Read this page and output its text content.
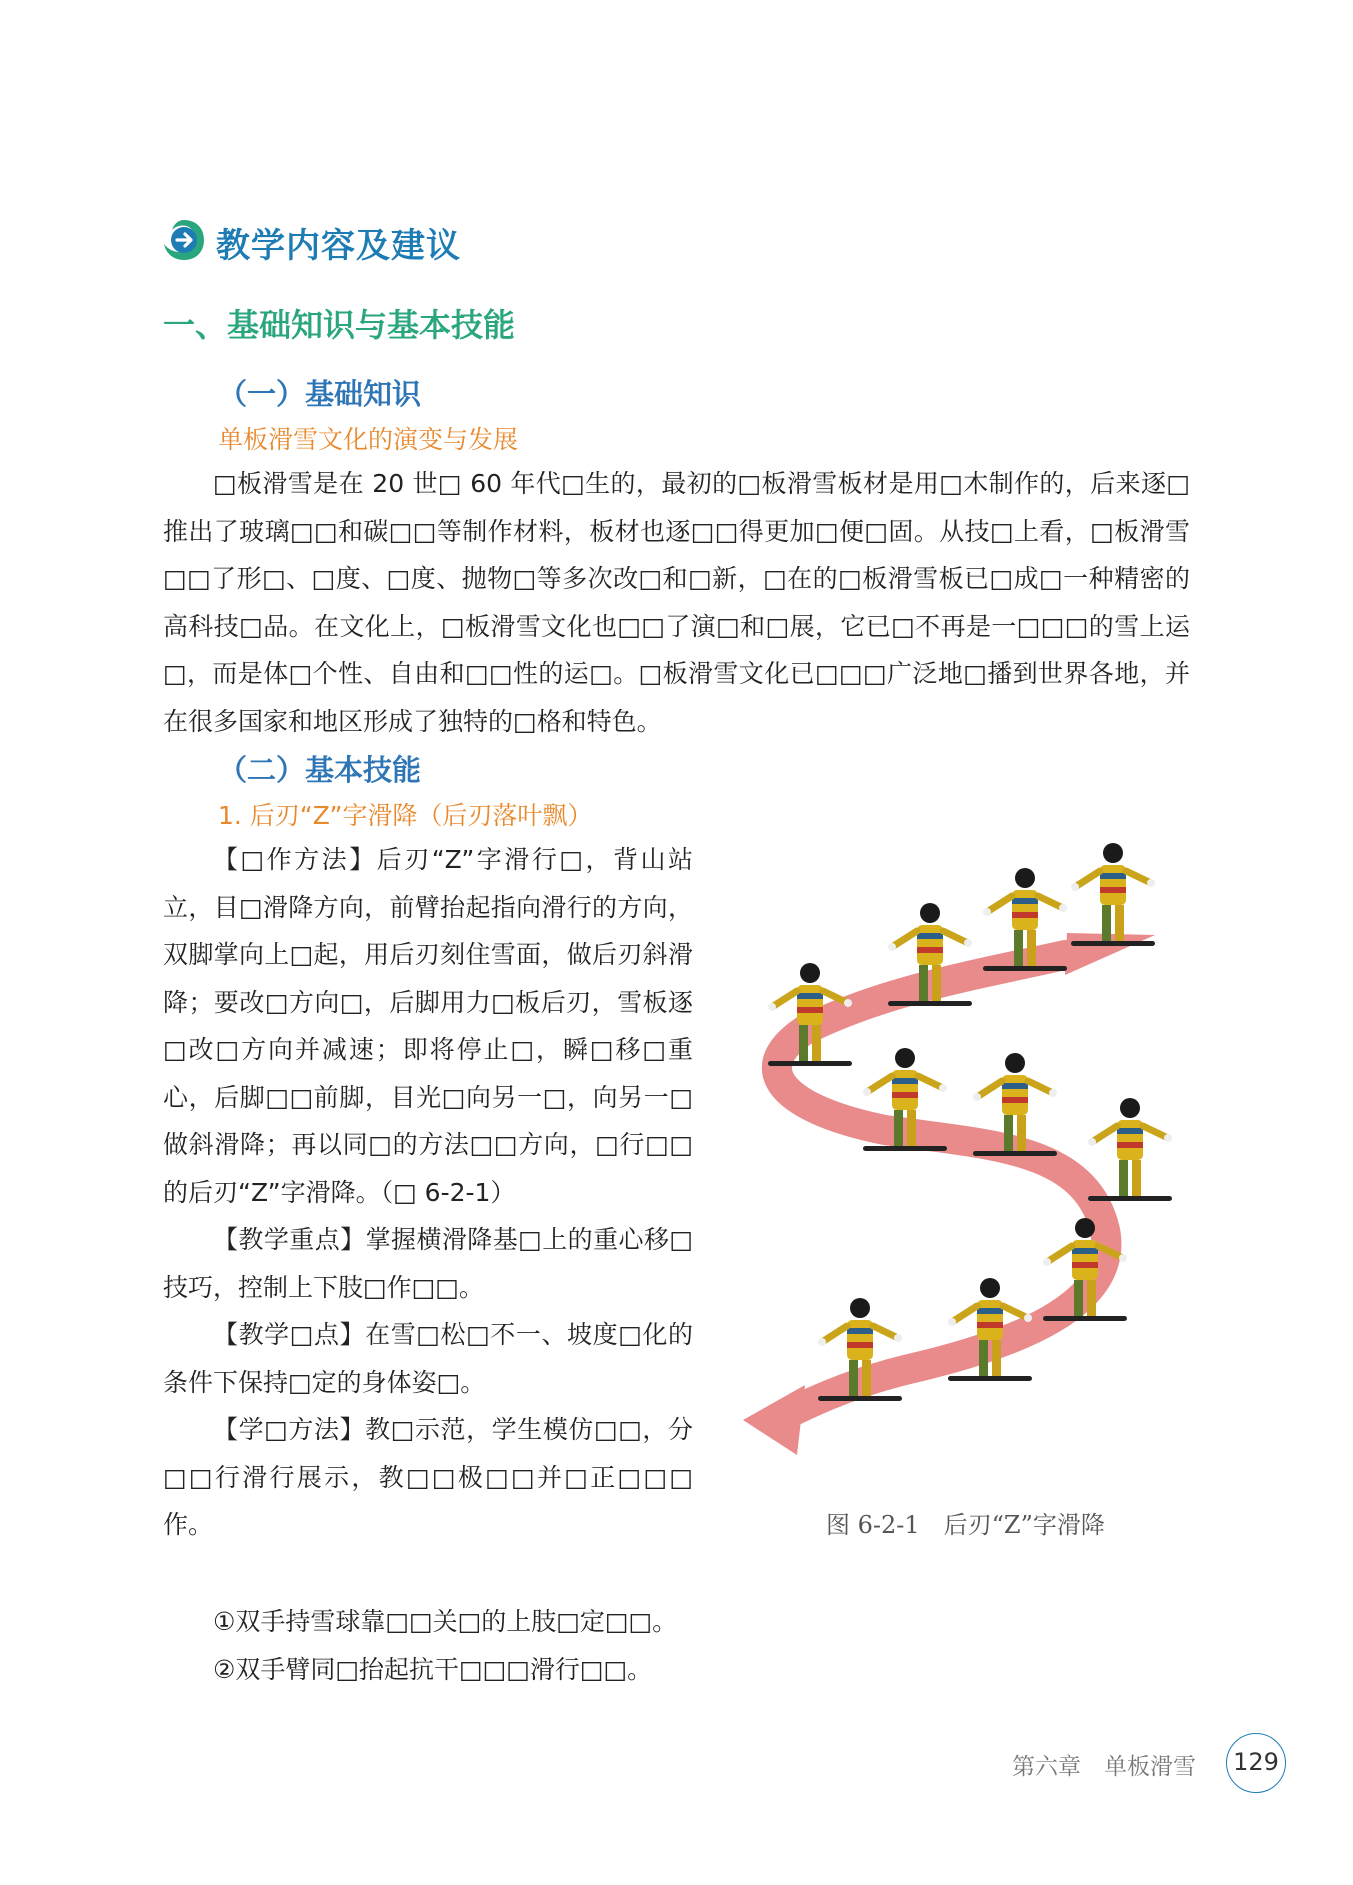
教学内容及建议
一、基础知识与基本技能
（一）基础知识
单板滑雪文化的演变与发展

□板滑雪是在 20 世□ 60 年代□生的，最初的□板滑雪板材是用□木制作的，后来逐□推出了玻璃□□和碳□□等制作材料，板材也逐□□得更加□便□固。从技□上看，□板滑雪□□了形□、□度、□度、抛物□等多次改□和□新，□在的□板滑雪板已□成□一种精密的高科技□品。在文化上，□板滑雪文化也□□了演□和□展，它已□不再是一□□□的雪上运□，而是体□个性、自由和□□性的运□。□板滑雪文化已□□□广泛地□播到世界各地，并在很多国家和地区形成了独特的□格和特色。

（二）基本技能
1. 后刃“Z”字滑降（后刃落叶飘）

【□作方法】后刃“Z”字滑行□，背山站立，目□滑降方向，前臂抬起指向滑行的方向，双脚掌向上□起，用后刃刻住雪面，做后刃斜滑降；要改□方向□，后脚用力□板后刃，雪板逐□改□方向并减速；即将停止□，瞬□移□重心，后脚□□前脚，目光□向另一□，向另一□做斜滑降；再以同□的方法□□方向，□行□□的后刃“Z”字滑降。（□ 6-2-1）

【教学重点】掌握横滑降基□上的重心移□技巧，控制上下肢□作□□。

【教学□点】在雪□松□不一、坡度□化的条件下保持□定的身体姿□。

【学□方法】教□示范，学生模仿□□，分□□行滑行展示，教□□极□□并□正□□□作。

①双手持雪球靠□□关□的上肢□定□□。

②双手臂同□抬起抗干□□□滑行□□。

图 6-2-1　后刃“Z”字滑降
第六章　单板滑雪 129
